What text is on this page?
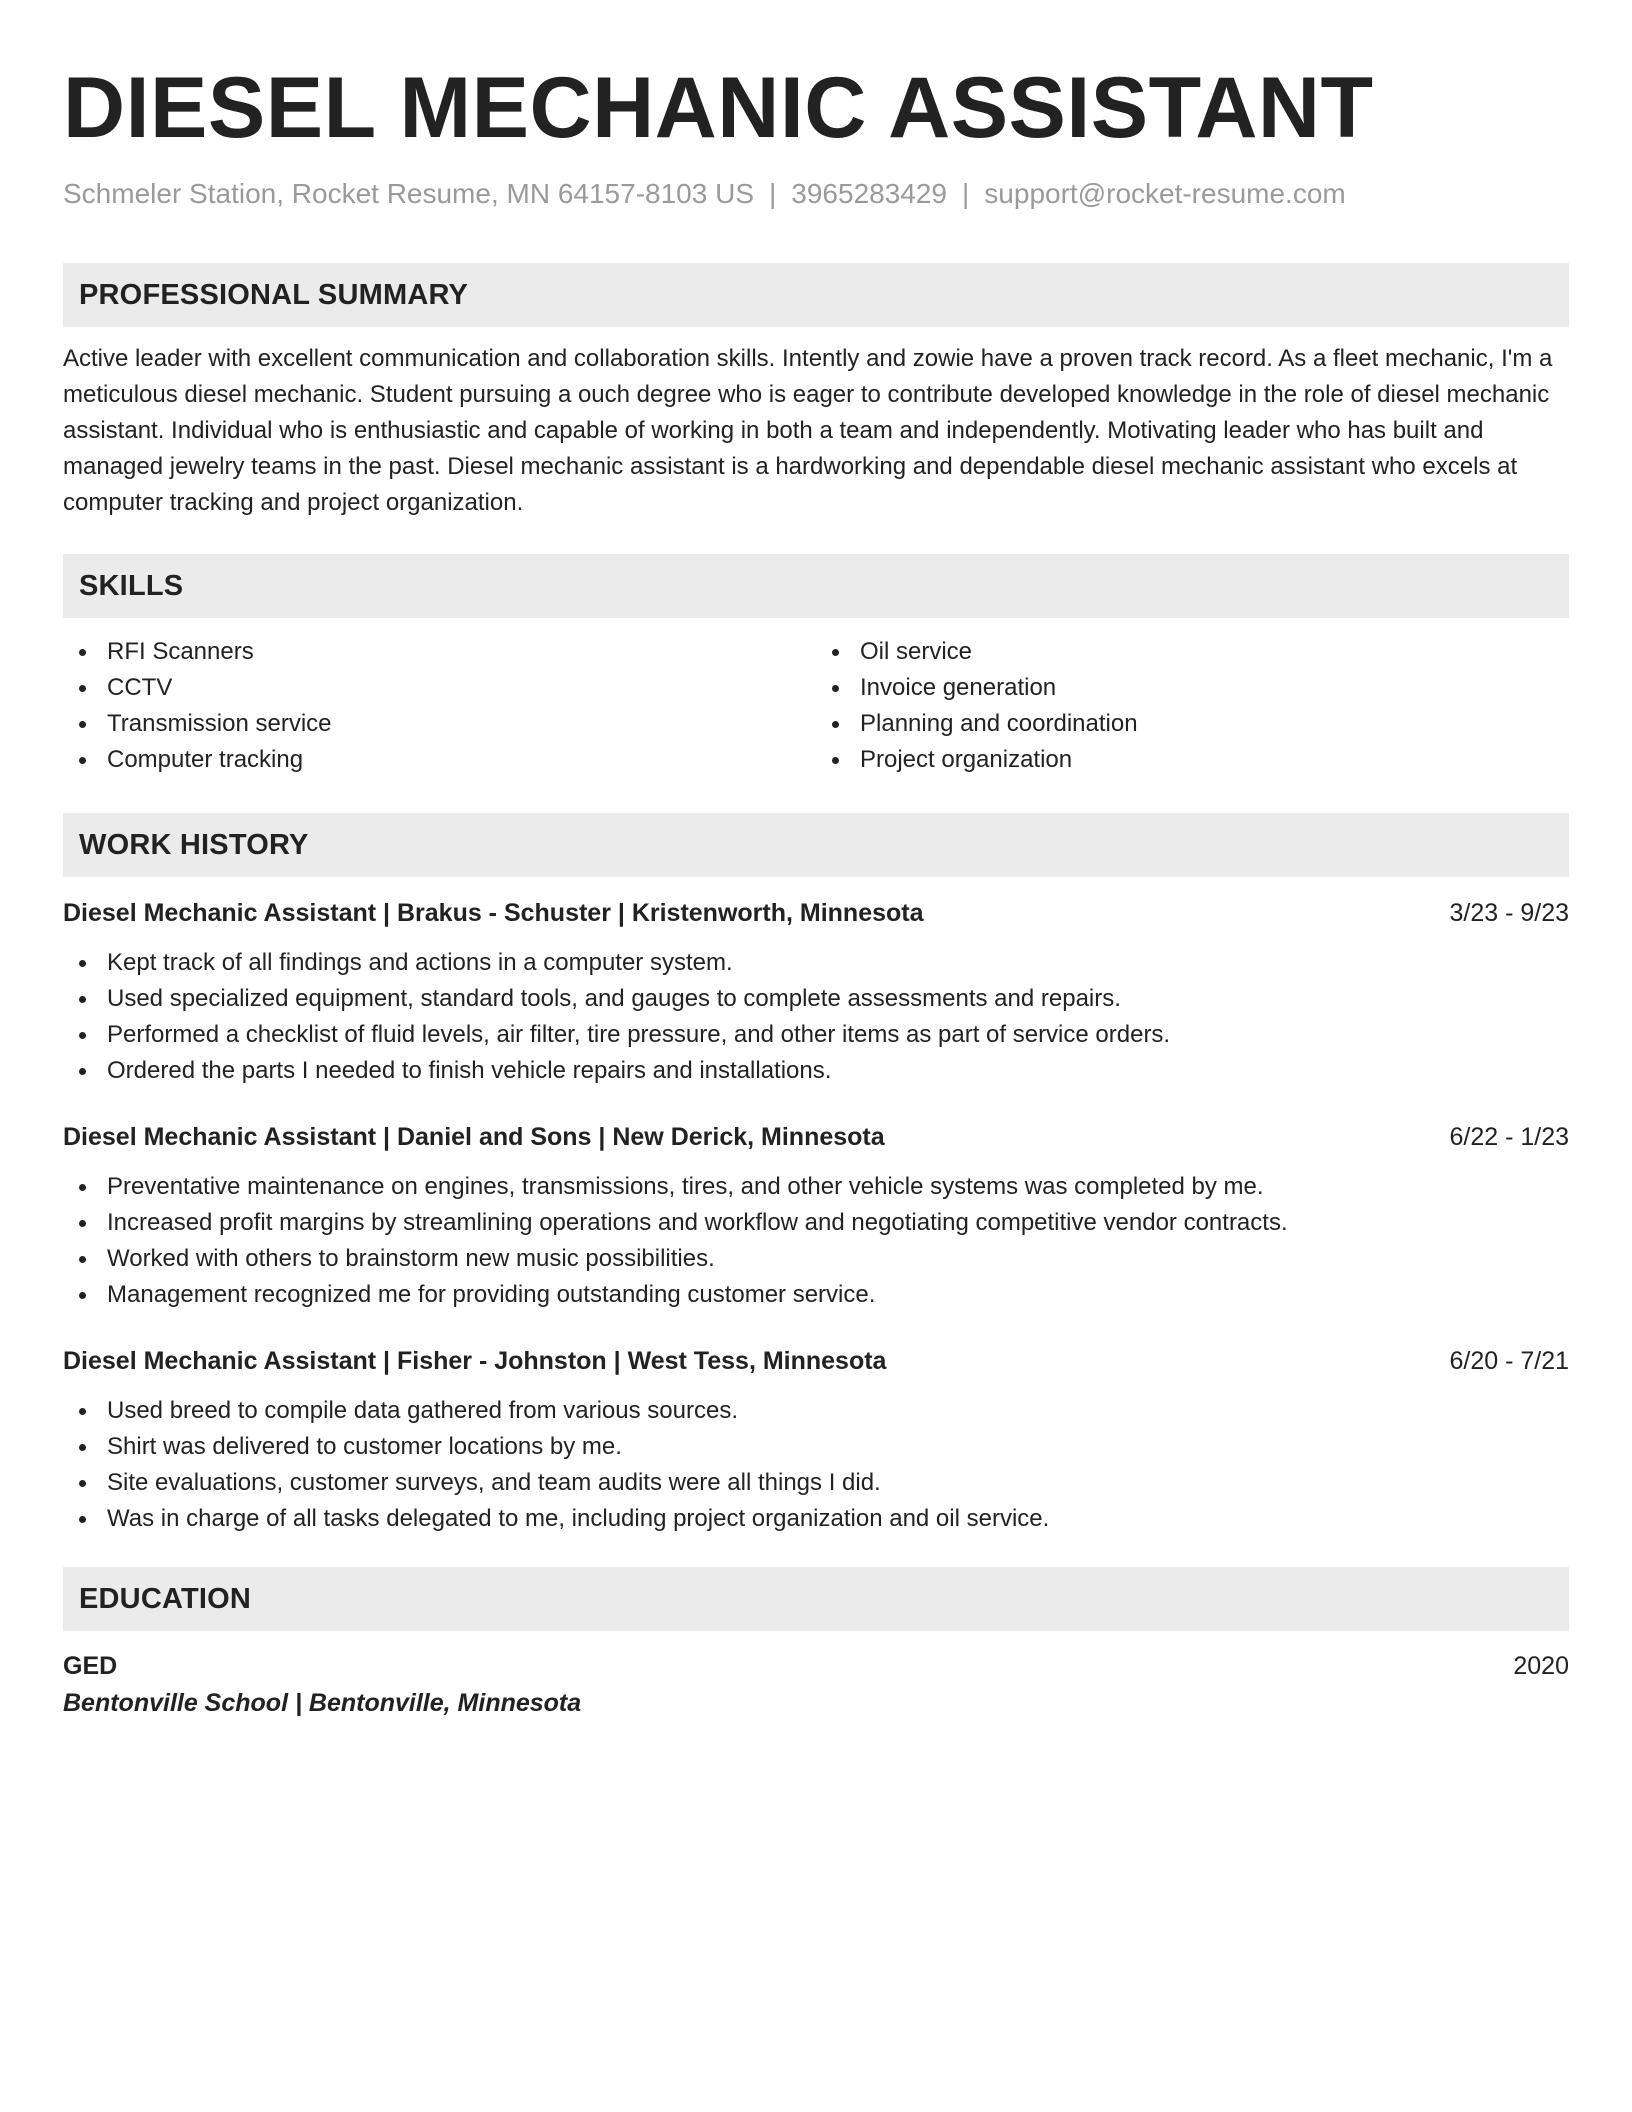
DIESEL MECHANIC ASSISTANT
Schmeler Station, Rocket Resume, MN 64157-8103 US | 3965283429 | support@rocket-resume.com
PROFESSIONAL SUMMARY
Active leader with excellent communication and collaboration skills. Intently and zowie have a proven track record. As a fleet mechanic, I'm a meticulous diesel mechanic. Student pursuing a ouch degree who is eager to contribute developed knowledge in the role of diesel mechanic assistant. Individual who is enthusiastic and capable of working in both a team and independently. Motivating leader who has built and managed jewelry teams in the past. Diesel mechanic assistant is a hardworking and dependable diesel mechanic assistant who excels at computer tracking and project organization.
SKILLS
RFI Scanners
CCTV
Transmission service
Computer tracking
Oil service
Invoice generation
Planning and coordination
Project organization
WORK HISTORY
Diesel Mechanic Assistant | Brakus - Schuster | Kristenworth, Minnesota	3/23 - 9/23
Kept track of all findings and actions in a computer system.
Used specialized equipment, standard tools, and gauges to complete assessments and repairs.
Performed a checklist of fluid levels, air filter, tire pressure, and other items as part of service orders.
Ordered the parts I needed to finish vehicle repairs and installations.
Diesel Mechanic Assistant | Daniel and Sons | New Derick, Minnesota	6/22 - 1/23
Preventative maintenance on engines, transmissions, tires, and other vehicle systems was completed by me.
Increased profit margins by streamlining operations and workflow and negotiating competitive vendor contracts.
Worked with others to brainstorm new music possibilities.
Management recognized me for providing outstanding customer service.
Diesel Mechanic Assistant | Fisher - Johnston | West Tess, Minnesota	6/20 - 7/21
Used breed to compile data gathered from various sources.
Shirt was delivered to customer locations by me.
Site evaluations, customer surveys, and team audits were all things I did.
Was in charge of all tasks delegated to me, including project organization and oil service.
EDUCATION
GED	2020
Bentonville School | Bentonville, Minnesota
